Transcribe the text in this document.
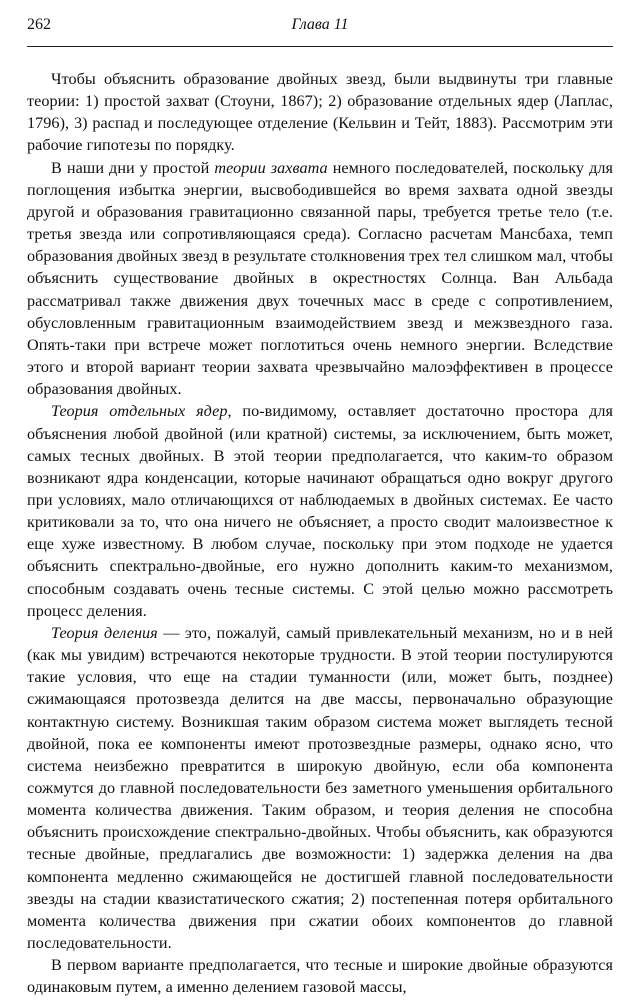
262	Глава 11

Чтобы объяснить образование двойных звезд, были выдвинуты три главные теории: 1) простой захват (Стоуни, 1867); 2) образование отдельных ядер (Лаплас, 1796), 3) распад и последующее отделение (Кельвин и Тейт, 1883). Рассмотрим эти рабочие гипотезы по порядку.

В наши дни у простой теории захвата немного последователей, поскольку для поглощения избытка энергии, высвободившейся во время захвата одной звезды другой и образования гравитационно связанной пары, требуется третье тело (т.е. третья звезда или сопротивляющаяся среда). Согласно расчетам Мансбаха, темп образования двойных звезд в результате столкновения трех тел слишком мал, чтобы объяснить существование двойных в окрестностях Солнца. Ван Альбада рассматривал также движения двух точечных масс в среде с сопротивлением, обусловленным гравитационным взаимодействием звезд и межзвездного газа. Опять-таки при встрече может поглотиться очень немного энергии. Вследствие этого и второй вариант теории захвата чрезвычайно малоэффективен в процессе образования двойных.

Теория отдельных ядер, по-видимому, оставляет достаточно простора для объяснения любой двойной (или кратной) системы, за исключением, быть может, самых тесных двойных. В этой теории предполагается, что каким-то образом возникают ядра конденсации, которые начинают обращаться одно вокруг другого при условиях, мало отличающихся от наблюдаемых в двойных системах. Ее часто критиковали за то, что она ничего не объясняет, а просто сводит малоизвестное к еще хуже известному. В любом случае, поскольку при этом подходе не удается объяснить спектрально-двойные, его нужно дополнить каким-то механизмом, способным создавать очень тесные системы. С этой целью можно рассмотреть процесс деления.

Теория деления — это, пожалуй, самый привлекательный механизм, но и в ней (как мы увидим) встречаются некоторые трудности. В этой теории постулируются такие условия, что еще на стадии туманности (или, может быть, позднее) сжимающаяся протозвезда делится на две массы, первоначально образующие контактную систему. Возникшая таким образом система может выглядеть тесной двойной, пока ее компоненты имеют протозвездные размеры, однако ясно, что система неизбежно превратится в широкую двойную, если оба компонента сожмутся до главной последовательности без заметного уменьшения орбитального момента количества движения. Таким образом, и теория деления не способна объяснить происхождение спектрально-двойных. Чтобы объяснить, как образуются тесные двойные, предлагались две возможности: 1) задержка деления на два компонента медленно сжимающейся не достигшей главной последовательности звезды на стадии квазистатического сжатия; 2) постепенная потеря орбитального момента количества движения при сжатии обоих компонентов до главной последовательности.

В первом варианте предполагается, что тесные и широкие двойные образуются одинаковым путем, а именно делением газовой массы,
